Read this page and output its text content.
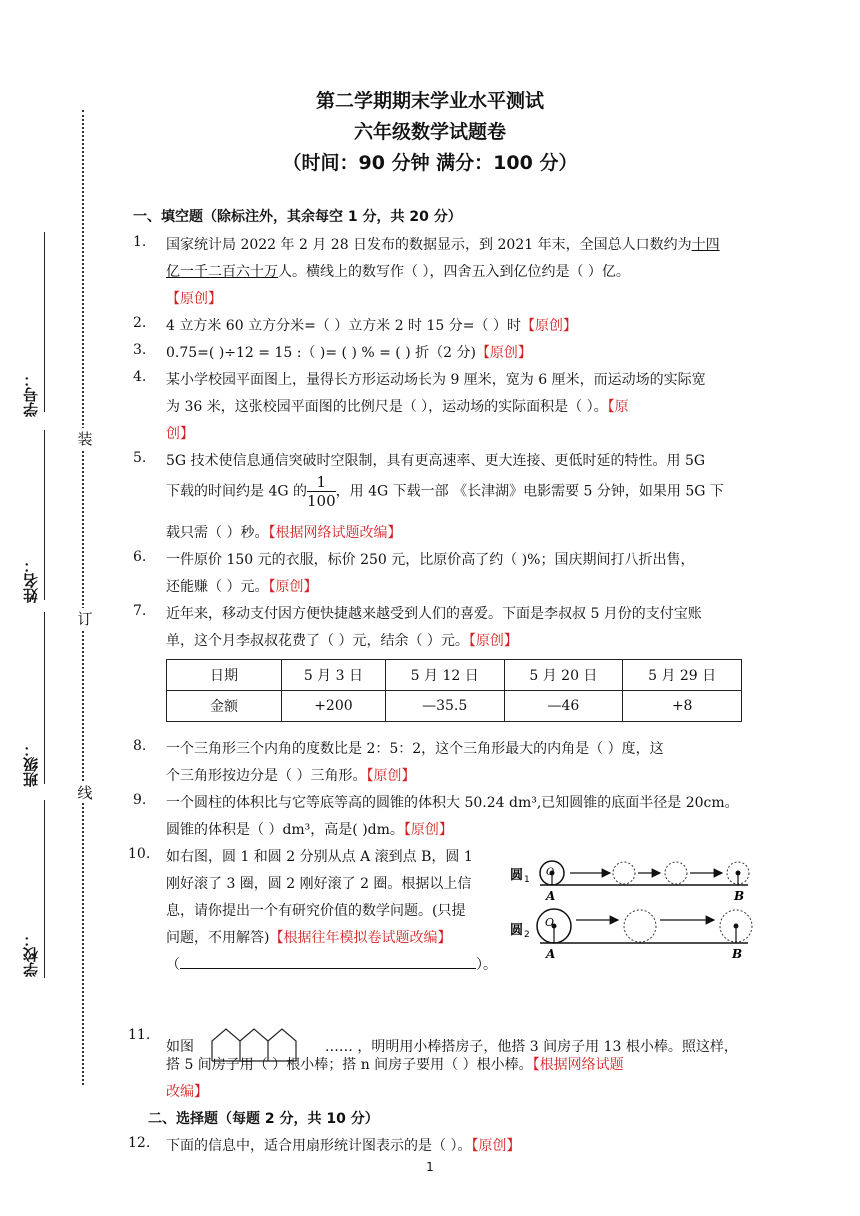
第二学期期末学业水平测试
六年级数学试题卷
（时间：90 分钟 满分：100 分）
装
订
线
学号：
姓名：
班级：
学校：
一、填空题（除标注外，其余每空 1 分，共 20 分）
1. 国家统计局 2022 年 2 月 28 日发布的数据显示，到 2021 年末，全国总人口数约为十四
亿一千二百六十万人。横线上的数写作（ ），四舍五入到亿位约是（ ）亿。
【原创】
2. 4 立方米 60 立方分米=（ ）立方米 2 时 15 分=（ ）时【原创】
3. 0.75=( )÷12 = 15 :（ )= ( ) % = ( ) 折（2 分)【原创】
4. 某小学校园平面图上，量得长方形运动场长为 9 厘米，宽为 6 厘米，而运动场的实际宽
为 36 米，这张校园平面图的比例尺是（ ），运动场的实际面积是（ ）。【原
创】
5. 5G 技术使信息通信突破时空限制，具有更高速率、更大连接、更低时延的特性。用 5G
下载的时间约是 4G 的 $\frac{1}{100}$ ，用 4G 下载一部 《长津湖》电影需要 5 分钟，如果用 5G 下
载只需（ ）秒。【根据网络试题改编】
6. 一件原价 150 元的衣服，标价 250 元，比原价高了约（ )%；国庆期间打八折出售，
还能赚（ ）元。【原创】
7. 近年来，移动支付因方便快捷越来越受到人们的喜爱。下面是李叔叔 5 月份的支付宝账
单，这个月李叔叔花费了（ ）元，结余（ ）元。【原创】
日期	5 月 3 日	5 月 12 日	5 月 20 日	5 月 29 日
金额	+200	—35.5	—46	+8
8. 一个三角形三个内角的度数比是 2：5：2，这个三角形最大的内角是（ ）度，这
个三角形按边分是（ ）三角形。【原创】
9. 一个圆柱的体积比与它等底等高的圆锥的体积大 50.24 dm³,已知圆锥的底面半径是 20cm。
圆锥的体积是（ ）dm³，高是( )dm。【原创】
10. 如右图，圆 1 和圆 2 分别从点 A 滚到点 B，圆 1
刚好滚了 3 圈，圆 2 刚好滚了 2 圈。根据以上信
息，请你提出一个有研究价值的数学问题。(只提
问题，不用解答)【根据往年模拟卷试题改编】
（	）。
圆 1
圆 2
O
A	B
O
A	B
11.
如图	…… ，明明用小棒搭房子，他搭 3 间房子用 13 根小棒。照这样，
搭 5 间房子用（ ）根小棒；搭 n 间房子要用（ ）根小棒。【根据网络试题
改编】
二、选择题（每题 2 分，共 10 分）
12. 下面的信息中，适合用扇形统计图表示的是（ ）。【原创】
1
